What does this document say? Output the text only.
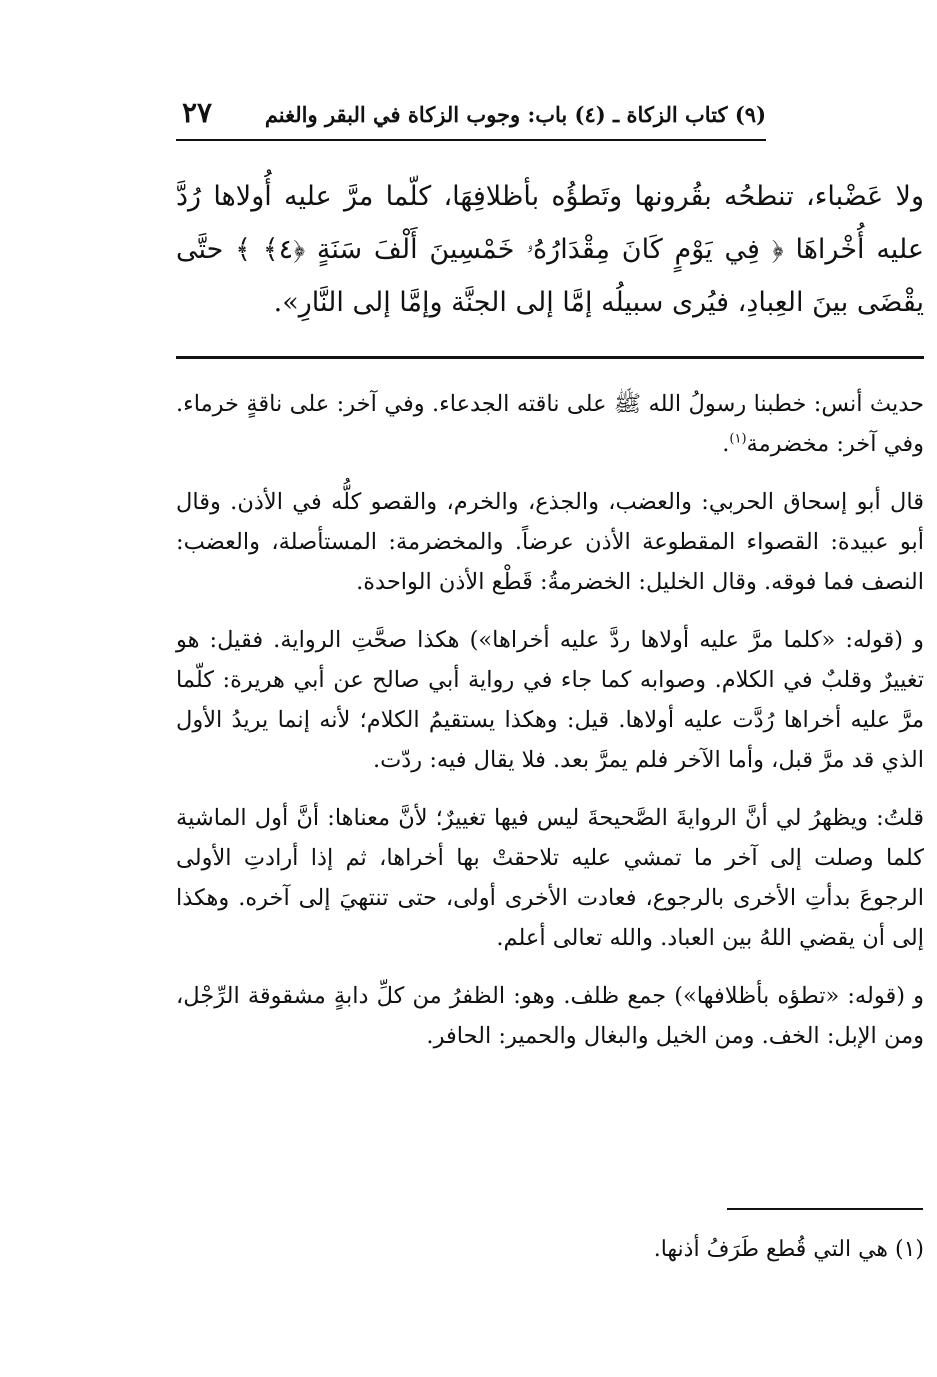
(٩) كتاب الزكاة ـ (٤) باب: وجوب الزكاة في البقر والغنم
٢٧

ولا عَضْباء، تنطحُه بقُرونها وتَطؤُه بأظلافِهَا، كلّما مرَّ عليه أُولاها رُدَّ عليه أُخْراهَا ﴿ فِي يَوْمٍ كَانَ مِقْدَارُهُۥ خَمْسِينَ أَلْفَ سَنَةٍ ﴿٤﴾ ﴾ حتَّى يقْضَى بينَ العِبادِ، فيُرى سبيلُه إمَّا إلى الجنَّة وإمَّا إلى النَّارِ».

حديث أنس: خطبنا رسولُ الله ﷺ على ناقته الجدعاء. وفي آخر: على ناقةٍ خرماء. وفي آخر: مخضرمة$^{(١)}$.

قال أبو إسحاق الحربي: والعضب، والجذع، والخرم، والقصو كلُّه في الأذن. وقال أبو عبيدة: القصواء المقطوعة الأذن عرضاً. والمخضرمة: المستأصلة، والعضب: النصف فما فوقه. وقال الخليل: الخضرمةُ: قَطْع الأذن الواحدة.

و (قوله: «كلما مرَّ عليه أولاها ردَّ عليه أخراها») هكذا صحَّتِ الرواية. فقيل: هو تغييرٌ وقلبٌ في الكلام. وصوابه كما جاء في رواية أبي صالح عن أبي هريرة: كلّما مرَّ عليه أخراها رُدَّت عليه أولاها. قيل: وهكذا يستقيمُ الكلام؛ لأنه إنما يريدُ الأول الذي قد مرَّ قبل، وأما الآخر فلم يمرَّ بعد. فلا يقال فيه: ردّت.

قلتُ: ويظهرُ لي أنَّ الروايةَ الصَّحيحةَ ليس فيها تغييرٌ؛ لأنَّ معناها: أنَّ أول الماشية كلما وصلت إلى آخر ما تمشي عليه تلاحقتْ بها أخراها، ثم إذا أرادتِ الأولى الرجوعَ بدأتِ الأخرى بالرجوع، فعادت الأخرى أولى، حتى تنتهيَ إلى آخره. وهكذا إلى أن يقضي اللهُ بين العباد. والله تعالى أعلم.

و (قوله: «تطؤه بأظلافها») جمع ظلف. وهو: الظفرُ من كلِّ دابةٍ مشقوقة الرِّجْل، ومن الإبل: الخف. ومن الخيل والبغال والحمير: الحافر.

(١) هي التي قُطع طَرَفُ أذنها.
